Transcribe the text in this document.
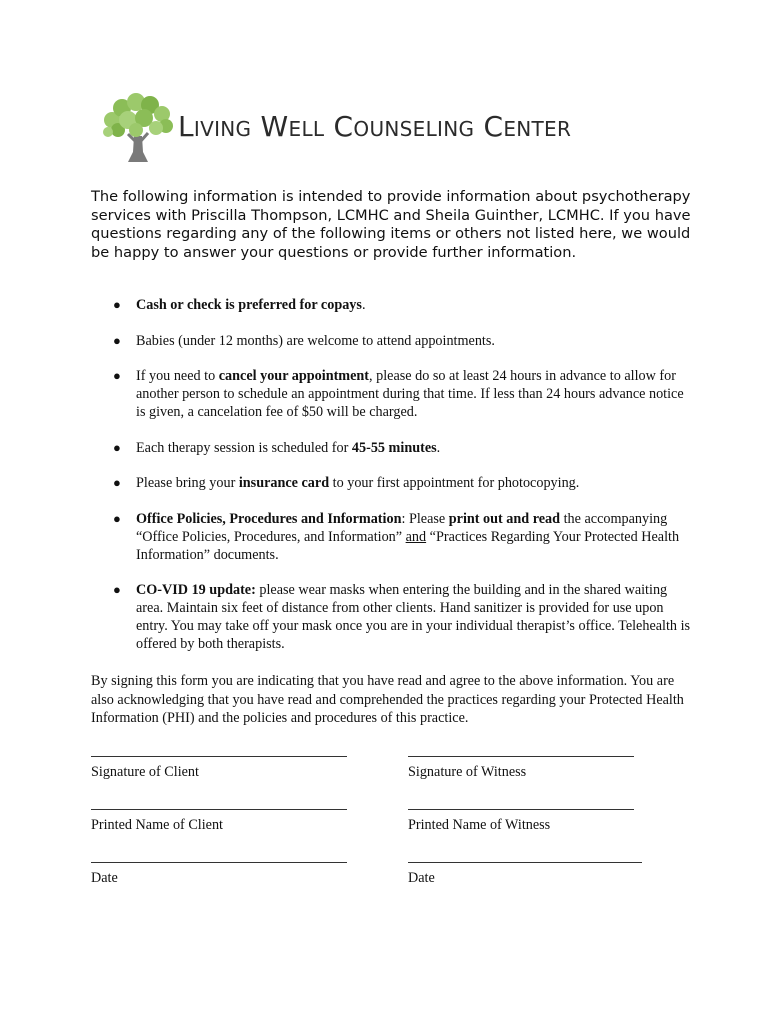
Living Well Counseling Center

The following information is intended to provide information about psychotherapy services with Priscilla Thompson, LCMHC and Sheila Guinther, LCMHC. If you have questions regarding any of the following items or others not listed here, we would be happy to answer your questions or provide further information.

● Cash or check is preferred for copays.
● Babies (under 12 months) are welcome to attend appointments.
● If you need to cancel your appointment, please do so at least 24 hours in advance to allow for another person to schedule an appointment during that time. If less than 24 hours advance notice is given, a cancelation fee of $50 will be charged.
● Each therapy session is scheduled for 45-55 minutes.
● Please bring your insurance card to your first appointment for photocopying.
● Office Policies, Procedures and Information: Please print out and read the accompanying “Office Policies, Procedures, and Information” and “Practices Regarding Your Protected Health Information” documents.
● CO-VID 19 update: please wear masks when entering the building and in the shared waiting area. Maintain six feet of distance from other clients. Hand sanitizer is provided for use upon entry. You may take off your mask once you are in your individual therapist’s office. Telehealth is offered by both therapists.

By signing this form you are indicating that you have read and agree to the above information. You are also acknowledging that you have read and comprehended the practices regarding your Protected Health Information (PHI) and the policies and procedures of this practice.

Signature of Client	Signature of Witness
Printed Name of Client	Printed Name of Witness
Date	Date
